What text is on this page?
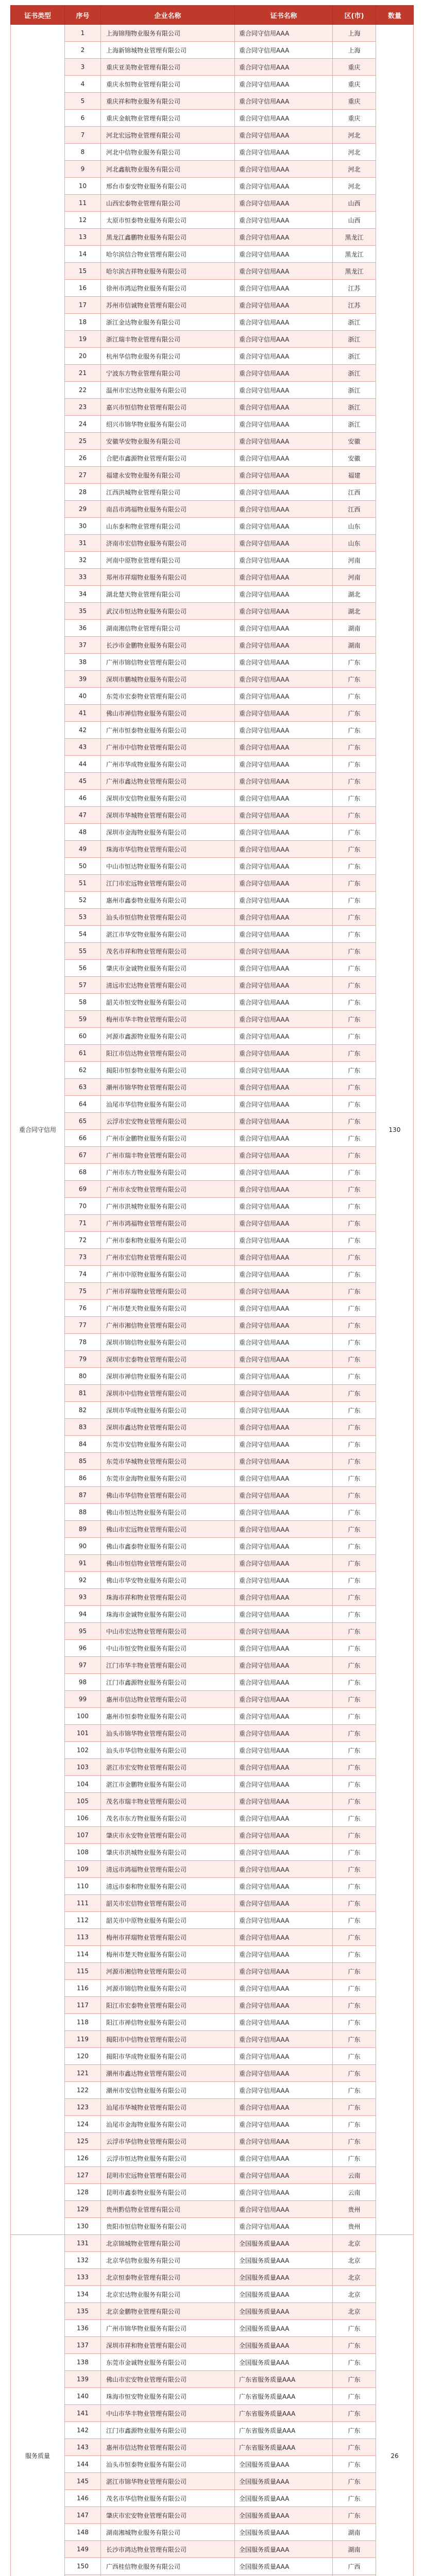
证书类型	序号	企业名称	证书名称	区(市)	数量
重合同守信用	1	上海锦翔物业服务有限公司	重合同守信用AAA	上海	130
	2	上海新锦城物业管理有限公司	重合同守信用AAA	上海	
	3	重庆亚美物业管理有限公司	重合同守信用AAA	重庆	
	4	重庆永恒物业管理有限公司	重合同守信用AAA	重庆	
	5	重庆祥和物业服务有限公司	重合同守信用AAA	重庆	
	6	重庆金航物业管理有限公司	重合同守信用AAA	重庆	
	7	河北宏远物业管理有限公司	重合同守信用AAA	河北	
	8	河北中信物业服务有限公司	重合同守信用AAA	河北	
	9	河北鑫航物业服务有限公司	重合同守信用AAA	河北	
	10	邢台市泰安物业服务有限公司	重合同守信用AAA	河北	
	11	山西宏泰物业管理有限公司	重合同守信用AAA	山西	
	12	太原市恒泰物业服务有限公司	重合同守信用AAA	山西	
	13	黑龙江鑫鹏物业服务有限公司	重合同守信用AAA	黑龙江	
	14	哈尔滨信合物业管理有限公司	重合同守信用AAA	黑龙江	
	15	哈尔滨吉祥物业服务有限公司	重合同守信用AAA	黑龙江	
	16	徐州市鸿运物业服务有限公司	重合同守信用AAA	江苏	
	17	苏州市信诚物业管理有限公司	重合同守信用AAA	江苏	
	18	浙江金达物业服务有限公司	重合同守信用AAA	浙江	
	19	浙江瑞丰物业管理有限公司	重合同守信用AAA	浙江	
	20	杭州华信物业服务有限公司	重合同守信用AAA	浙江	
	21	宁波东方物业管理有限公司	重合同守信用AAA	浙江	
	22	温州市宏达物业服务有限公司	重合同守信用AAA	浙江	
	23	嘉兴市恒信物业管理有限公司	重合同守信用AAA	浙江	
	24	绍兴市锦华物业服务有限公司	重合同守信用AAA	浙江	
	25	安徽华安物业服务有限公司	重合同守信用AAA	安徽	
	26	合肥市鑫源物业管理有限公司	重合同守信用AAA	安徽	
	27	福建永安物业服务有限公司	重合同守信用AAA	福建	
	28	江西洪城物业管理有限公司	重合同守信用AAA	江西	
	29	南昌市鸿福物业服务有限公司	重合同守信用AAA	江西	
	30	山东泰和物业管理有限公司	重合同守信用AAA	山东	
	31	济南市宏信物业服务有限公司	重合同守信用AAA	山东	
	32	河南中原物业管理有限公司	重合同守信用AAA	河南	
	33	郑州市祥瑞物业服务有限公司	重合同守信用AAA	河南	
	34	湖北楚天物业管理有限公司	重合同守信用AAA	湖北	
	35	武汉市恒达物业服务有限公司	重合同守信用AAA	湖北	
	36	湖南湘信物业管理有限公司	重合同守信用AAA	湖南	
	37	长沙市金鹏物业服务有限公司	重合同守信用AAA	湖南	
	38	广州市锦信物业管理有限公司	重合同守信用AAA	广东	
	39	深圳市鹏城物业服务有限公司	重合同守信用AAA	广东	
	40	东莞市宏泰物业管理有限公司	重合同守信用AAA	广东	
	41	佛山市禅信物业服务有限公司	重合同守信用AAA	广东	
	42	广州市恒泰物业服务有限公司	重合同守信用AAA	广东	
	43	广州市中信物业管理有限公司	重合同守信用AAA	广东	
	44	广州市华成物业服务有限公司	重合同守信用AAA	广东	
	45	广州市鑫达物业管理有限公司	重合同守信用AAA	广东	
	46	深圳市安信物业服务有限公司	重合同守信用AAA	广东	
	47	深圳市华城物业管理有限公司	重合同守信用AAA	广东	
	48	深圳市金海物业服务有限公司	重合同守信用AAA	广东	
	49	珠海市华信物业管理有限公司	重合同守信用AAA	广东	
	50	中山市恒达物业服务有限公司	重合同守信用AAA	广东	
	51	江门市宏远物业管理有限公司	重合同守信用AAA	广东	
	52	惠州市鑫泰物业服务有限公司	重合同守信用AAA	广东	
	53	汕头市恒信物业管理有限公司	重合同守信用AAA	广东	
	54	湛江市华安物业服务有限公司	重合同守信用AAA	广东	
	55	茂名市祥和物业管理有限公司	重合同守信用AAA	广东	
	56	肇庆市金诚物业服务有限公司	重合同守信用AAA	广东	
	57	清远市宏达物业管理有限公司	重合同守信用AAA	广东	
	58	韶关市恒安物业服务有限公司	重合同守信用AAA	广东	
	59	梅州市华丰物业管理有限公司	重合同守信用AAA	广东	
	60	河源市鑫源物业服务有限公司	重合同守信用AAA	广东	
	61	阳江市信达物业管理有限公司	重合同守信用AAA	广东	
	62	揭阳市恒泰物业服务有限公司	重合同守信用AAA	广东	
	63	潮州市锦华物业管理有限公司	重合同守信用AAA	广东	
	64	汕尾市华信物业服务有限公司	重合同守信用AAA	广东	
	65	云浮市宏安物业管理有限公司	重合同守信用AAA	广东	
	66	广州市金鹏物业服务有限公司	重合同守信用AAA	广东	
	67	广州市瑞丰物业管理有限公司	重合同守信用AAA	广东	
	68	广州市东方物业服务有限公司	重合同守信用AAA	广东	
	69	广州市永安物业管理有限公司	重合同守信用AAA	广东	
	70	广州市洪城物业服务有限公司	重合同守信用AAA	广东	
	71	广州市鸿福物业管理有限公司	重合同守信用AAA	广东	
	72	广州市泰和物业服务有限公司	重合同守信用AAA	广东	
	73	广州市宏信物业管理有限公司	重合同守信用AAA	广东	
	74	广州市中原物业服务有限公司	重合同守信用AAA	广东	
	75	广州市祥瑞物业管理有限公司	重合同守信用AAA	广东	
	76	广州市楚天物业服务有限公司	重合同守信用AAA	广东	
	77	广州市湘信物业管理有限公司	重合同守信用AAA	广东	
	78	深圳市锦信物业服务有限公司	重合同守信用AAA	广东	
	79	深圳市宏泰物业管理有限公司	重合同守信用AAA	广东	
	80	深圳市禅信物业服务有限公司	重合同守信用AAA	广东	
	81	深圳市中信物业管理有限公司	重合同守信用AAA	广东	
	82	深圳市华成物业服务有限公司	重合同守信用AAA	广东	
	83	深圳市鑫达物业管理有限公司	重合同守信用AAA	广东	
	84	东莞市安信物业服务有限公司	重合同守信用AAA	广东	
	85	东莞市华城物业管理有限公司	重合同守信用AAA	广东	
	86	东莞市金海物业服务有限公司	重合同守信用AAA	广东	
	87	佛山市华信物业管理有限公司	重合同守信用AAA	广东	
	88	佛山市恒达物业服务有限公司	重合同守信用AAA	广东	
	89	佛山市宏远物业管理有限公司	重合同守信用AAA	广东	
	90	佛山市鑫泰物业服务有限公司	重合同守信用AAA	广东	
	91	佛山市恒信物业管理有限公司	重合同守信用AAA	广东	
	92	佛山市华安物业服务有限公司	重合同守信用AAA	广东	
	93	珠海市祥和物业管理有限公司	重合同守信用AAA	广东	
	94	珠海市金诚物业服务有限公司	重合同守信用AAA	广东	
	95	中山市宏达物业管理有限公司	重合同守信用AAA	广东	
	96	中山市恒安物业服务有限公司	重合同守信用AAA	广东	
	97	江门市华丰物业管理有限公司	重合同守信用AAA	广东	
	98	江门市鑫源物业服务有限公司	重合同守信用AAA	广东	
	99	惠州市信达物业管理有限公司	重合同守信用AAA	广东	
	100	惠州市恒泰物业服务有限公司	重合同守信用AAA	广东	
	101	汕头市锦华物业管理有限公司	重合同守信用AAA	广东	
	102	汕头市华信物业服务有限公司	重合同守信用AAA	广东	
	103	湛江市宏安物业管理有限公司	重合同守信用AAA	广东	
	104	湛江市金鹏物业服务有限公司	重合同守信用AAA	广东	
	105	茂名市瑞丰物业管理有限公司	重合同守信用AAA	广东	
	106	茂名市东方物业服务有限公司	重合同守信用AAA	广东	
	107	肇庆市永安物业管理有限公司	重合同守信用AAA	广东	
	108	肇庆市洪城物业服务有限公司	重合同守信用AAA	广东	
	109	清远市鸿福物业管理有限公司	重合同守信用AAA	广东	
	110	清远市泰和物业服务有限公司	重合同守信用AAA	广东	
	111	韶关市宏信物业管理有限公司	重合同守信用AAA	广东	
	112	韶关市中原物业服务有限公司	重合同守信用AAA	广东	
	113	梅州市祥瑞物业管理有限公司	重合同守信用AAA	广东	
	114	梅州市楚天物业服务有限公司	重合同守信用AAA	广东	
	115	河源市湘信物业管理有限公司	重合同守信用AAA	广东	
	116	河源市锦信物业服务有限公司	重合同守信用AAA	广东	
	117	阳江市宏泰物业管理有限公司	重合同守信用AAA	广东	
	118	阳江市禅信物业服务有限公司	重合同守信用AAA	广东	
	119	揭阳市中信物业管理有限公司	重合同守信用AAA	广东	
	120	揭阳市华成物业服务有限公司	重合同守信用AAA	广东	
	121	潮州市鑫达物业管理有限公司	重合同守信用AAA	广东	
	122	潮州市安信物业服务有限公司	重合同守信用AAA	广东	
	123	汕尾市华城物业管理有限公司	重合同守信用AAA	广东	
	124	汕尾市金海物业服务有限公司	重合同守信用AAA	广东	
	125	云浮市华信物业管理有限公司	重合同守信用AAA	广东	
	126	云浮市恒达物业服务有限公司	重合同守信用AAA	广东	
	127	昆明市宏远物业管理有限公司	重合同守信用AAA	云南	
	128	昆明市鑫泰物业服务有限公司	重合同守信用AAA	云南	
	129	贵州黔信物业管理有限公司	重合同守信用AAA	贵州	
	130	贵阳市恒信物业服务有限公司	重合同守信用AAA	贵州	
服务质量	131	北京锦城物业管理有限公司	全国服务质量AAA	北京	26
	132	北京华信物业服务有限公司	全国服务质量AAA	北京	
	133	北京恒泰物业管理有限公司	全国服务质量AAA	北京	
	134	北京宏达物业服务有限公司	全国服务质量AAA	北京	
	135	北京金鹏物业管理有限公司	全国服务质量AAA	北京	
	136	广州市锦华物业服务有限公司	全国服务质量AAA	广东	
	137	深圳市祥和物业管理有限公司	全国服务质量AAA	广东	
	138	东莞市金诚物业服务有限公司	全国服务质量AAA	广东	
	139	佛山市宏安物业管理有限公司	广东省服务质量AAA	广东	
	140	珠海市恒安物业服务有限公司	广东省服务质量AAA	广东	
	141	中山市华丰物业管理有限公司	广东省服务质量AAA	广东	
	142	江门市鑫源物业服务有限公司	广东省服务质量AAA	广东	
	143	惠州市信达物业管理有限公司	广东省服务质量AAA	广东	
	144	汕头市恒泰物业服务有限公司	全国服务质量AAA	广东	
	145	湛江市锦华物业管理有限公司	全国服务质量AAA	广东	
	146	茂名市华信物业服务有限公司	全国服务质量AAA	广东	
	147	肇庆市宏安物业管理有限公司	全国服务质量AAA	广东	
	148	湖南湘城物业服务有限公司	全国服务质量AAA	湖南	
	149	长沙市鸿达物业管理有限公司	全国服务质量AAA	湖南	
	150	广西桂信物业服务有限公司	全国服务质量AAA	广西	
